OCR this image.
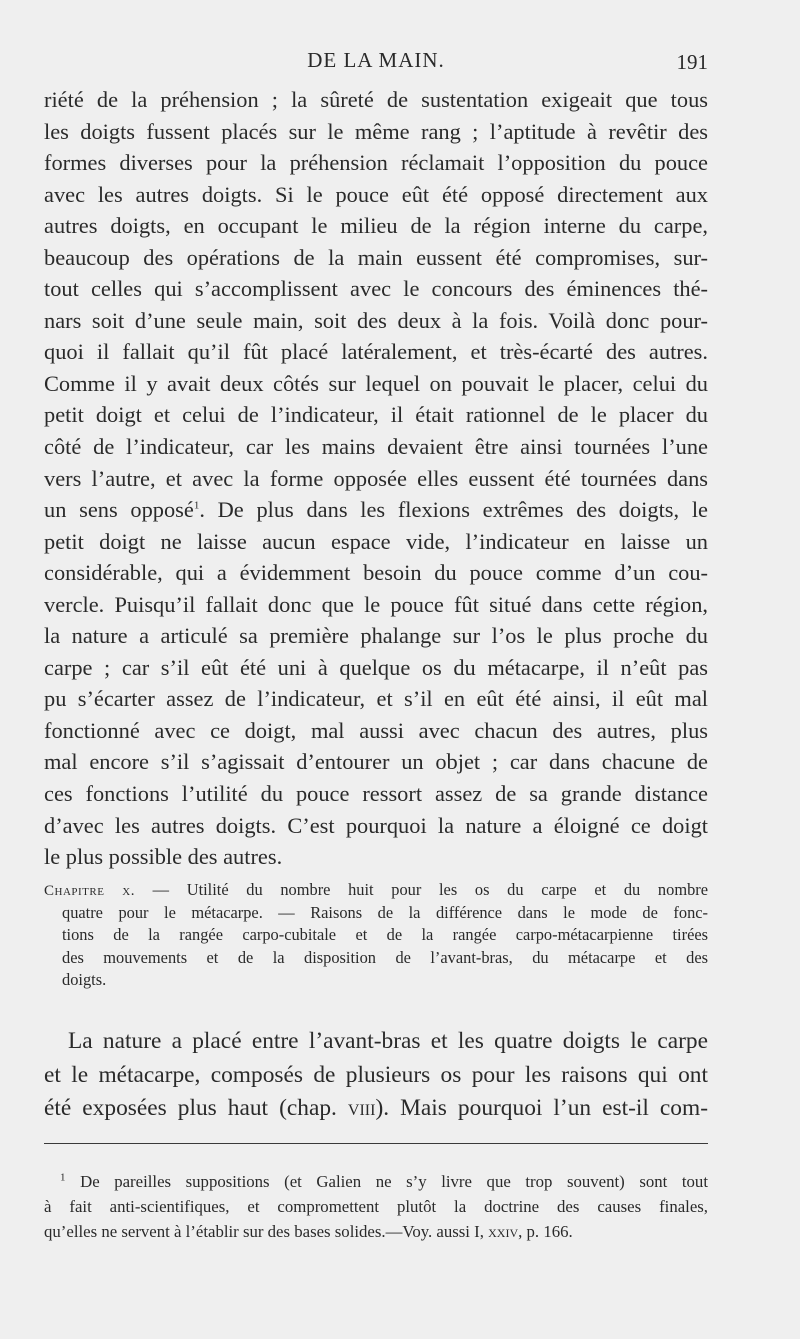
DE LA MAIN.	191
riété de la préhension ; la sûreté de sustentation exigeait que tous
les doigts fussent placés sur le même rang ; l’aptitude à revêtir des
formes diverses pour la préhension réclamait l’opposition du pouce
avec les autres doigts. Si le pouce eût été opposé directement aux
autres doigts, en occupant le milieu de la région interne du carpe,
beaucoup des opérations de la main eussent été compromises, sur-
tout celles qui s’accomplissent avec le concours des éminences thé-
nars soit d’une seule main, soit des deux à la fois. Voilà donc pour-
quoi il fallait qu’il fût placé latéralement, et très-écarté des autres.
Comme il y avait deux côtés sur lequel on pouvait le placer, celui du
petit doigt et celui de l’indicateur, il était rationnel de le placer du
côté de l’indicateur, car les mains devaient être ainsi tournées l’une
vers l’autre, et avec la forme opposée elles eussent été tournées dans
un sens opposé$^1$. De plus dans les flexions extrêmes des doigts, le
petit doigt ne laisse aucun espace vide, l’indicateur en laisse un
considérable, qui a évidemment besoin du pouce comme d’un cou-
vercle. Puisqu’il fallait donc que le pouce fût situé dans cette région,
la nature a articulé sa première phalange sur l’os le plus proche du
carpe ; car s’il eût été uni à quelque os du métacarpe, il n’eût pas
pu s’écarter assez de l’indicateur, et s’il en eût été ainsi, il eût mal
fonctionné avec ce doigt, mal aussi avec chacun des autres, plus
mal encore s’il s’agissait d’entourer un objet ; car dans chacune de
ces fonctions l’utilité du pouce ressort assez de sa grande distance
d’avec les autres doigts. C’est pourquoi la nature a éloigné ce doigt
le plus possible des autres.
Chapitre x. — Utilité du nombre huit pour les os du carpe et du nombre
quatre pour le métacarpe. — Raisons de la différence dans le mode de fonc-
tions de la rangée carpo-cubitale et de la rangée carpo-métacarpienne tirées
des mouvements et de la disposition de l’avant-bras, du métacarpe et des
doigts.
La nature a placé entre l’avant-bras et les quatre doigts le carpe
et le métacarpe, composés de plusieurs os pour les raisons qui ont
été exposées plus haut (chap. viii). Mais pourquoi l’un est-il com-
$^1$ De pareilles suppositions (et Galien ne s’y livre que trop souvent) sont tout
à fait anti-scientifiques, et compromettent plutôt la doctrine des causes finales,
qu’elles ne servent à l’établir sur des bases solides.—Voy. aussi I, xxiv, p. 166.
